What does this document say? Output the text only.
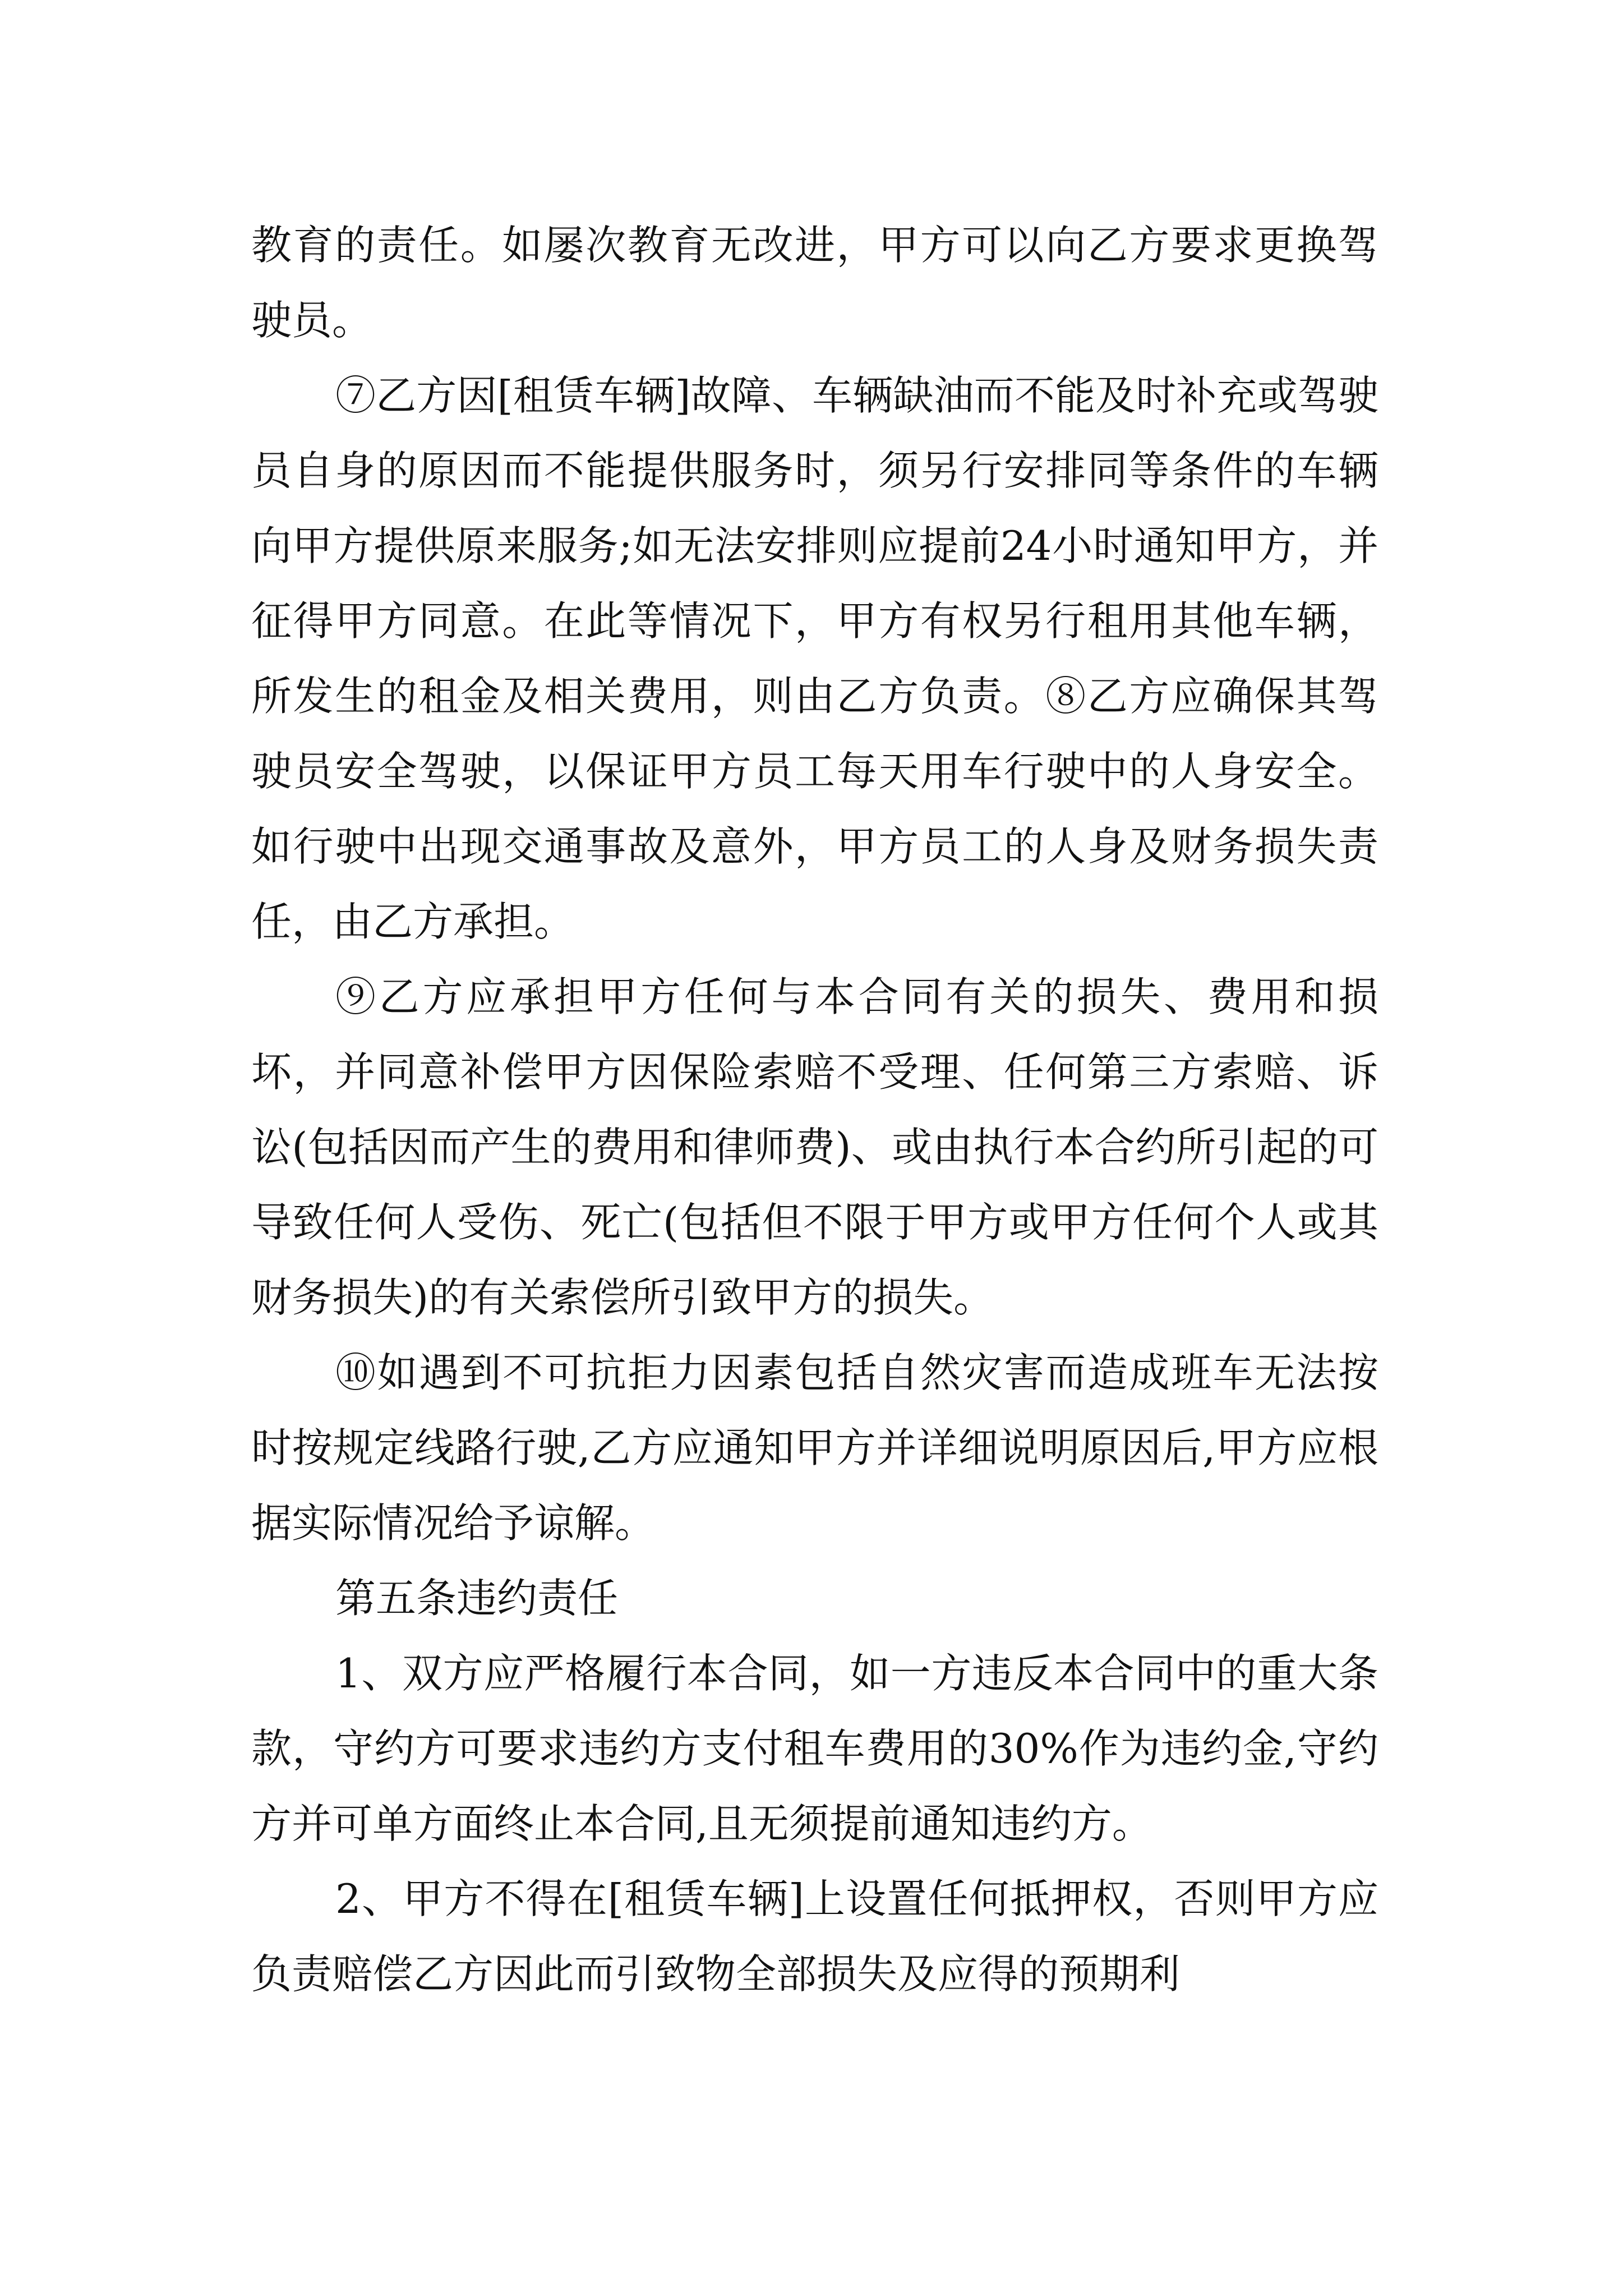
教育的责任。如屡次教育无改进，甲方可以向乙方要求更换驾驶员。

⑦乙方因[租赁车辆]故障、车辆缺油而不能及时补充或驾驶员自身的原因而不能提供服务时，须另行安排同等条件的车辆向甲方提供原来服务;如无法安排则应提前24小时通知甲方，并征得甲方同意。在此等情况下，甲方有权另行租用其他车辆，所发生的租金及相关费用，则由乙方负责。⑧乙方应确保其驾驶员安全驾驶，以保证甲方员工每天用车行驶中的人身安全。如行驶中出现交通事故及意外，甲方员工的人身及财务损失责任，由乙方承担。

⑨乙方应承担甲方任何与本合同有关的损失、费用和损坏，并同意补偿甲方因保险索赔不受理、任何第三方索赔、诉讼(包括因而产生的费用和律师费)、或由执行本合约所引起的可导致任何人受伤、死亡(包括但不限于甲方或甲方任何个人或其财务损失)的有关索偿所引致甲方的损失。

⑩如遇到不可抗拒力因素包括自然灾害而造成班车无法按时按规定线路行驶,乙方应通知甲方并详细说明原因后,甲方应根据实际情况给予谅解。

第五条违约责任

1、双方应严格履行本合同，如一方违反本合同中的重大条款，守约方可要求违约方支付租车费用的30%作为违约金,守约方并可单方面终止本合同,且无须提前通知违约方。

2、甲方不得在[租赁车辆]上设置任何抵押权，否则甲方应负责赔偿乙方因此而引致物全部损失及应得的预期利
